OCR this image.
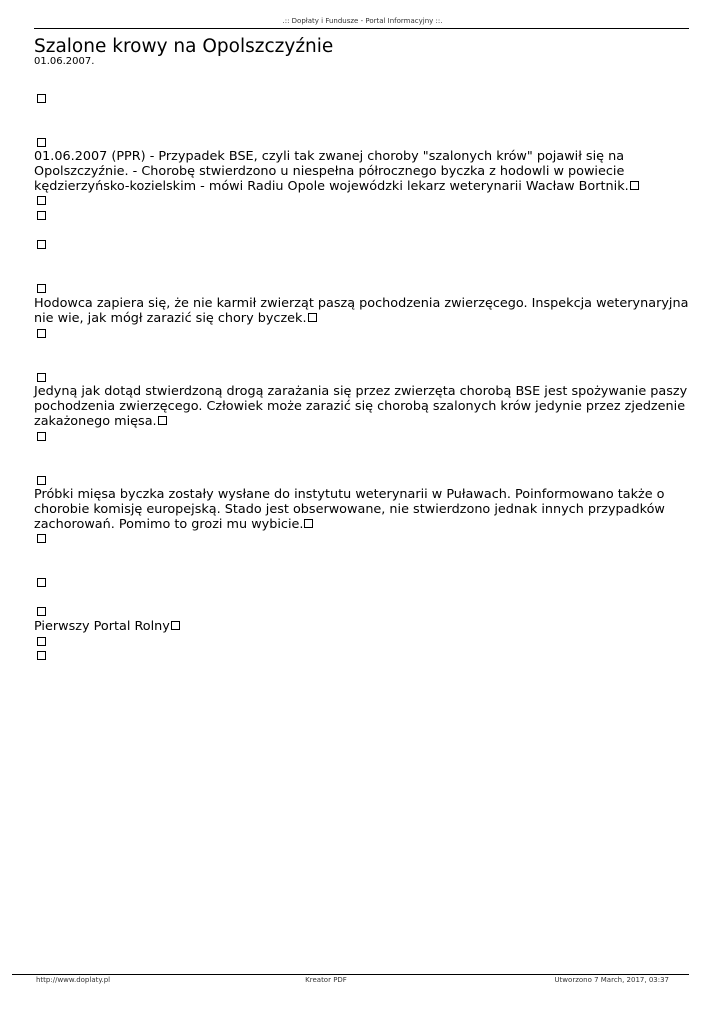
.:: Dopłaty i Fundusze - Portal Informacyjny ::.
Szalone krowy na Opolszczyźnie
01.06.2007.
01.06.2007 (PPR) - Przypadek BSE, czyli tak zwanej choroby "szalonych krów" pojawił się na Opolszczyźnie. - Chorobę stwierdzono u niespełna półrocznego byczka z hodowli w powiecie kędzierzyńsko-kozielskim - mówi Radiu Opole wojewódzki lekarz weterynarii Wacław Bortnik.
Hodowca zapiera się, że nie karmił zwierząt paszą pochodzenia zwierzęcego. Inspekcja weterynaryjna nie wie, jak mógł zarazić się chory byczek.
Jedyną jak dotąd stwierdzoną drogą zarażania się przez zwierzęta chorobą BSE jest spożywanie paszy pochodzenia zwierzęcego. Człowiek może zarazić się chorobą szalonych krów jedynie przez zjedzenie zakażonego mięsa.
Próbki mięsa byczka zostały wysłane do instytutu weterynarii w Puławach. Poinformowano także o chorobie komisję europejską. Stado jest obserwowane, nie stwierdzono jednak innych przypadków zachorowań. Pomimo to grozi mu wybicie.
Pierwszy Portal Rolny
http://www.doplaty.pl	Kreator PDF	Utworzono 7 March, 2017, 03:37
